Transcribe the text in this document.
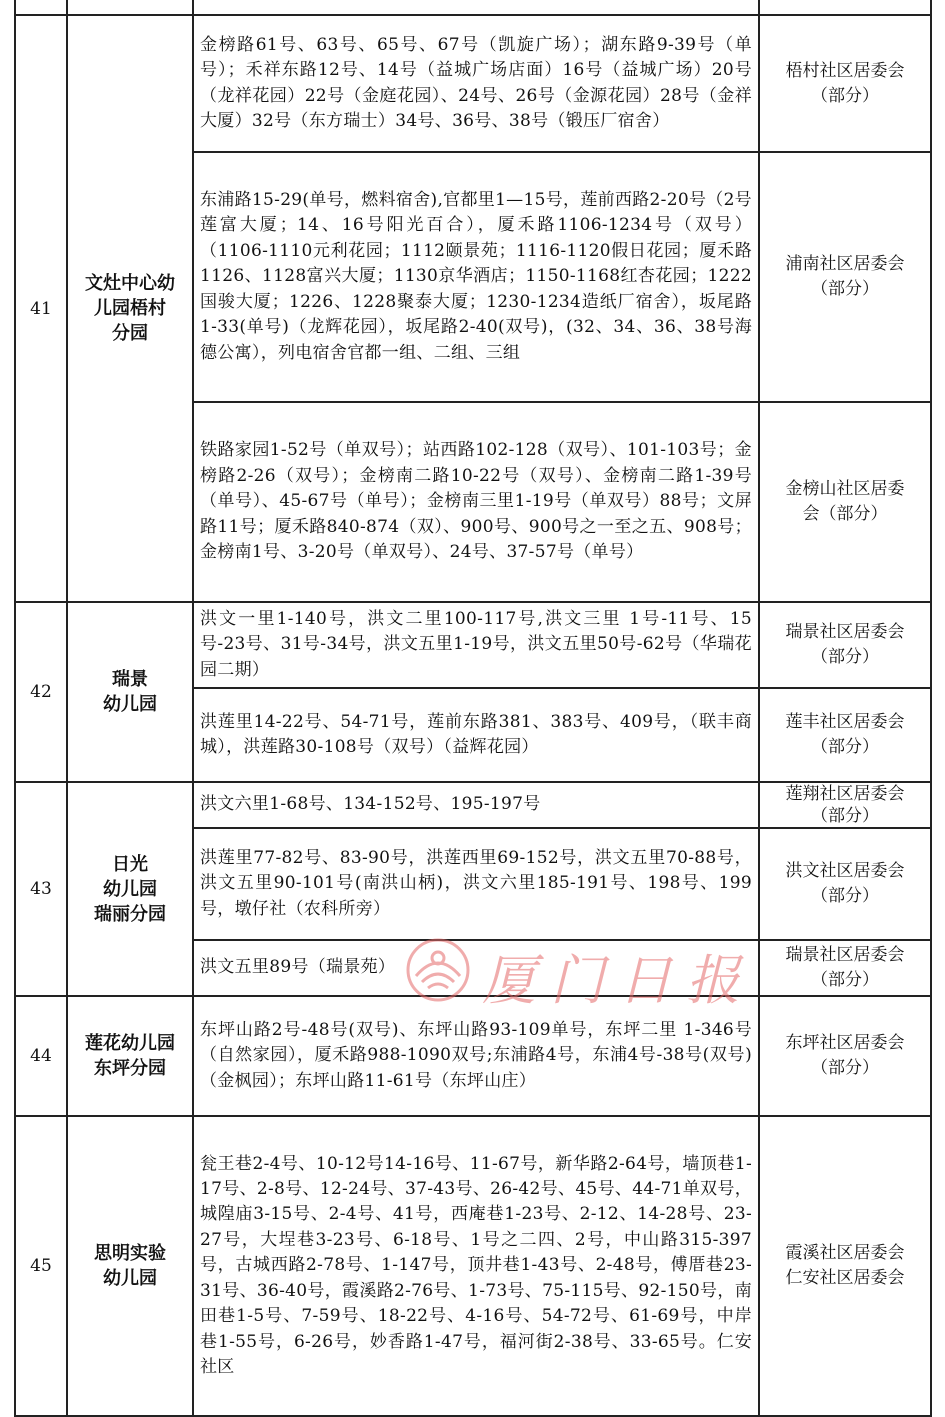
41	文灶中心幼
儿园梧村
分园	金榜路61号、63号、65号、67号（凯旋广场）；湖东路9-39号（单号）；禾祥东路12号、14号（益城广场店面）16号（益城广场）20号（龙祥花园）22号（金庭花园）、24号、26号（金源花园）28号（金祥大厦）32号（东方瑞士）34号、36号、38号（锻压厂宿舍）	梧村社区居委会
（部分）

		东浦路15-29(单号，燃料宿舍),官都里1—15号，莲前西路2-20号（2号莲富大厦；14、16号阳光百合），厦禾路1106-1234号（双号）（1106-1110元利花园；1112颐景苑；1116-1120假日花园；厦禾路1126、1128富兴大厦；1130京华酒店；1150-1168红杏花园；1222国骏大厦；1226、1228聚泰大厦；1230-1234造纸厂宿舍），坂尾路1-33(单号)（龙辉花园），坂尾路2-40(双号)，(32、34、36、38号海德公寓），列电宿舍官都一组、二组、三组	浦南社区居委会
（部分）

		铁路家园1-52号（单双号）；站西路102-128（双号）、101-103号；金榜路2-26（双号）；金榜南二路10-22号（双号）、金榜南二路1-39号（单号）、45-67号（单号）；金榜南三里1-19号（单双号）88号；文屏路11号；厦禾路840-874（双）、900号、900号之一至之五、908号；金榜南1号、3-20号（单双号）、24号、37-57号（单号）	金榜山社区居委
会（部分）

42	瑞景
幼儿园	洪文一里1-140号，洪文二里100-117号,洪文三里 1号-11号、15号-23号、31号-34号，洪文五里1-19号，洪文五里50号-62号（华瑞花园二期）	瑞景社区居委会
（部分）

		洪莲里14-22号、54-71号，莲前东路381、383号、409号，（联丰商城），洪莲路30-108号（双号）（益辉花园）	莲丰社区居委会
（部分）

43	日光
幼儿园
瑞丽分园	洪文六里1-68号、134-152号、195-197号	莲翔社区居委会
（部分）

		洪莲里77-82号、83-90号，洪莲西里69-152号，洪文五里70-88号，洪文五里90-101号(南洪山柄)，洪文六里185-191号、198号、199号，墩仔社（农科所旁）	洪文社区居委会
（部分）

		洪文五里89号（瑞景苑）	瑞景社区居委会
（部分）

44	莲花幼儿园
东坪分园	东坪山路2号-48号(双号)、东坪山路93-109单号，东坪二里 1-346号（自然家园），厦禾路988-1090双号;东浦路4号，东浦4号-38号(双号)（金枫园）；东坪山路11-61号（东坪山庄）	东坪社区居委会
（部分）

45	思明实验
幼儿园	瓮王巷2-4号、10-12号14-16号、11-67号，新华路2-64号，墙顶巷1-17号、2-8号、12-24号、37-43号、26-42号、45号、44-71单双号，城隍庙3-15号、2-4号、41号，西庵巷1-23号、2-12、14-28号、23-27号，大埕巷3-23号、6-18号、1号之二四、2号，中山路315-397号，古城西路2-78号、1-147号，顶井巷1-43号、2-48号，傅厝巷23-31号、36-40号，霞溪路2-76号、1-73号、75-115号、92-150号，南田巷1-5号、7-59号、18-22号、4-16号、54-72号、61-69号，中岸巷1-55号，6-26号，妙香路1-47号，福河街2-38号、33-65号。仁安社区	霞溪社区居委会
仁安社区居委会
厦门日报
